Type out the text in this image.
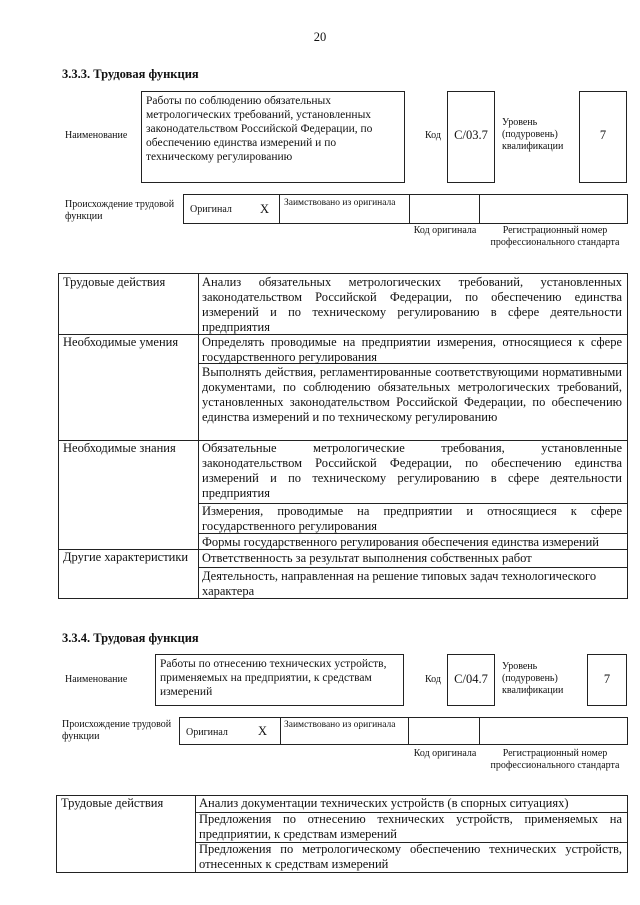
20
3.3.3. Трудовая функция
Наименование
Работы по соблюдению обязательных метрологических требований, установленных законодательством Российской Федерации, по обеспечению единства измерений и по техническому регулированию
Код	C/03.7
Уровень (подуровень) квалификации
7
Происхождение трудовой функции
Оригинал X Заимствовано из оригинала
Код оригинала	Регистрационный номер профессионального стандарта
Трудовые действия	Анализ обязательных метрологических требований, установленных законодательством Российской Федерации, по обеспечению единства измерений и по техническому регулированию в сфере деятельности предприятия
Необходимые умения	Определять проводимые на предприятии измерения, относящиеся к сфере государственного регулирования
Выполнять действия, регламентированные соответствующими нормативными документами, по соблюдению обязательных метрологических требований, установленных законодательством Российской Федерации, по обеспечению единства измерений и по техническому регулированию
Необходимые знания	Обязательные метрологические требования, установленные законодательством Российской Федерации, по обеспечению единства измерений и по техническому регулированию в сфере деятельности предприятия
Измерения, проводимые на предприятии и относящиеся к сфере государственного регулирования
Формы государственного регулирования обеспечения единства измерений
Другие характеристики	Ответственность за результат выполнения собственных работ
Деятельность, направленная на решение типовых задач технологического характера
3.3.4. Трудовая функция
Наименование
Работы по отнесению технических устройств, применяемых на предприятии, к средствам измерений
Код	C/04.7
Уровень (подуровень) квалификации
7
Происхождение трудовой функции	Оригинал X Заимствовано из оригинала
Код оригинала	Регистрационный номер профессионального стандарта
Трудовые действия	Анализ документации технических устройств (в спорных ситуациях)
Предложения по отнесению технических устройств, применяемых на предприятии, к средствам измерений
Предложения по метрологическому обеспечению технических устройств, отнесенных к средствам измерений
